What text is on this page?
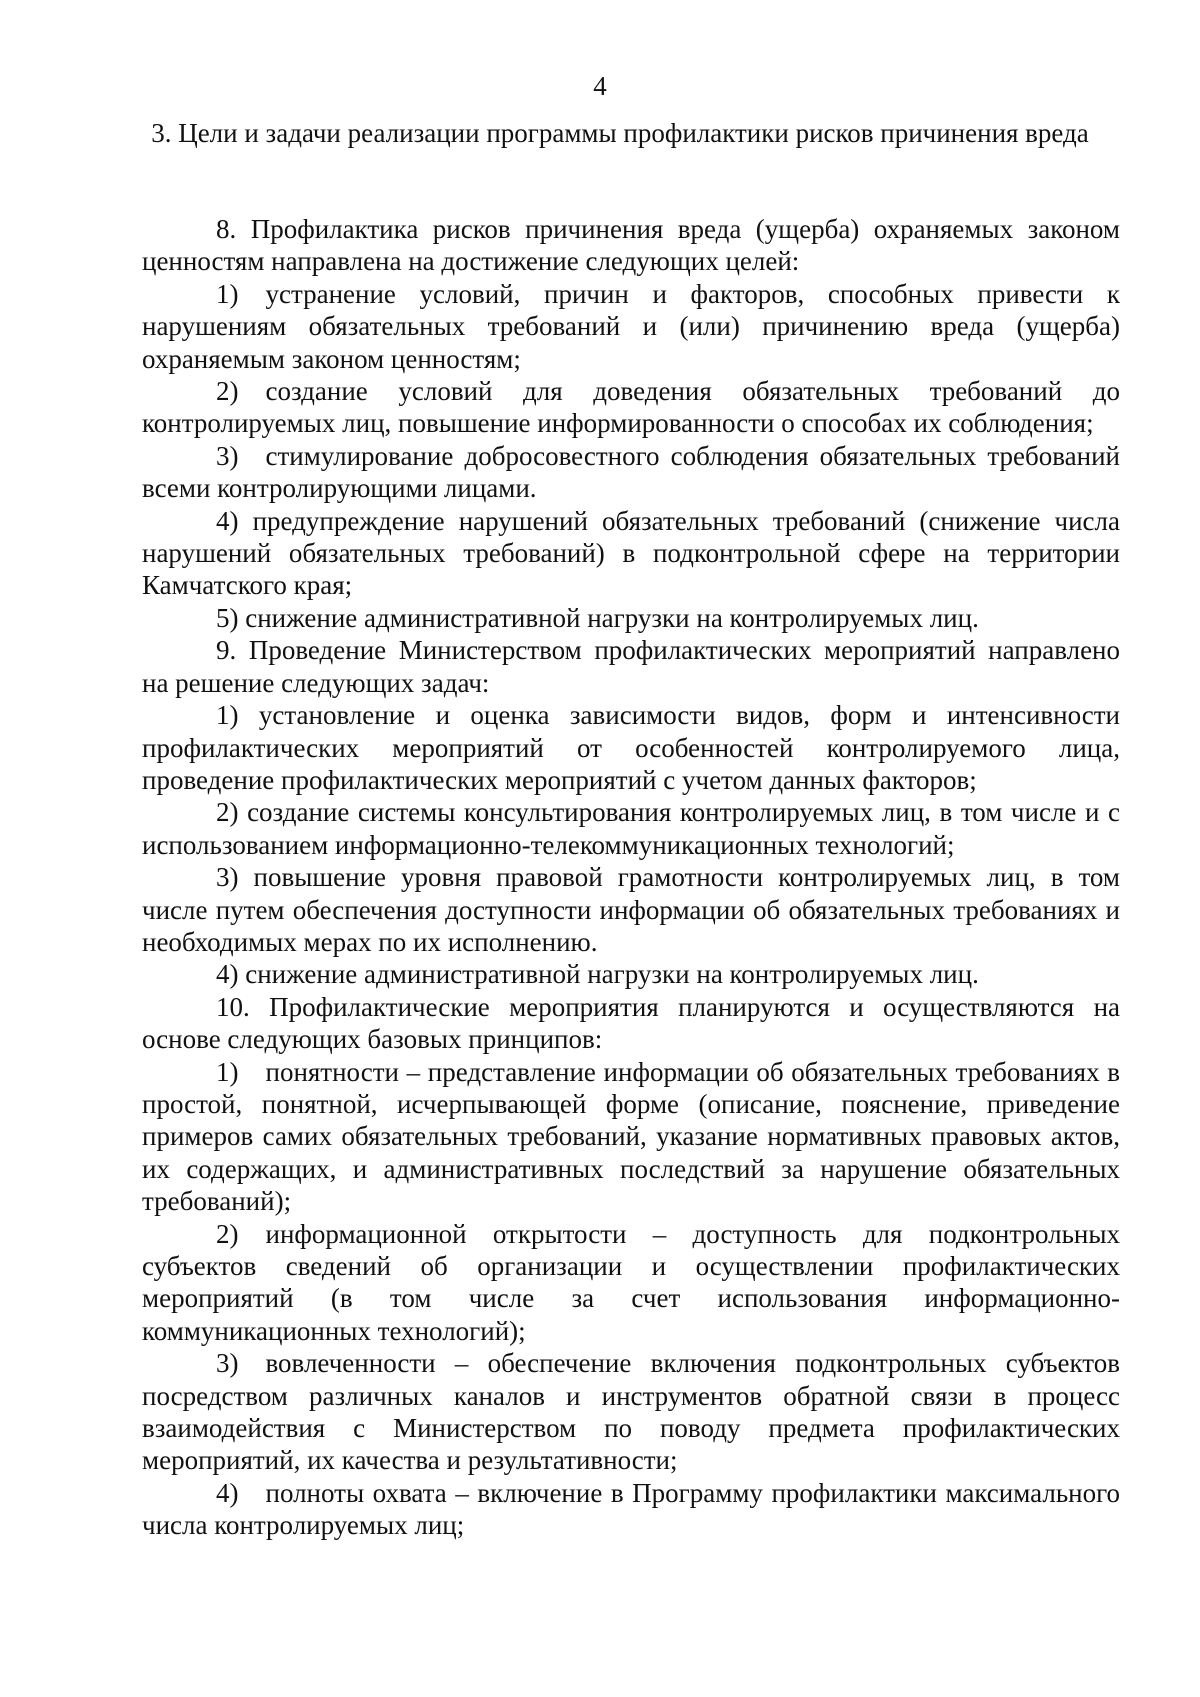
4
3. Цели и задачи реализации программы профилактики рисков причинения вреда

8. Профилактика рисков причинения вреда (ущерба) охраняемых законом ценностям направлена на достижение следующих целей:

1) устранение условий, причин и факторов, способных привести к нарушениям обязательных требований и (или) причинению вреда (ущерба) охраняемым законом ценностям;

2) создание условий для доведения обязательных требований до контролируемых лиц, повышение информированности о способах их соблюдения;

3) стимулирование добросовестного соблюдения обязательных требований всеми контролирующими лицами.

4) предупреждение нарушений обязательных требований (снижение числа нарушений обязательных требований) в подконтрольной сфере на территории Камчатского края;

5) снижение административной нагрузки на контролируемых лиц.

9. Проведение Министерством профилактических мероприятий направлено на решение следующих задач:

1) установление и оценка зависимости видов, форм и интенсивности профилактических мероприятий от особенностей контролируемого лица, проведение профилактических мероприятий с учетом данных факторов;

2) создание системы консультирования контролируемых лиц, в том числе и с использованием информационно-телекоммуникационных технологий;

3) повышение уровня правовой грамотности контролируемых лиц, в том числе путем обеспечения доступности информации об обязательных требованиях и необходимых мерах по их исполнению.

4) снижение административной нагрузки на контролируемых лиц.

10. Профилактические мероприятия планируются и осуществляются на основе следующих базовых принципов:

1) понятности – представление информации об обязательных требованиях в простой, понятной, исчерпывающей форме (описание, пояснение, приведение примеров самих обязательных требований, указание нормативных правовых актов, их содержащих, и административных последствий за нарушение обязательных требований);

2) информационной открытости – доступность для подконтрольных субъектов сведений об организации и осуществлении профилактических мероприятий (в том числе за счет использования информационно-коммуникационных технологий);

3) вовлеченности – обеспечение включения подконтрольных субъектов посредством различных каналов и инструментов обратной связи в процесс взаимодействия с Министерством по поводу предмета профилактических мероприятий, их качества и результативности;

4) полноты охвата – включение в Программу профилактики максимального числа контролируемых лиц;
